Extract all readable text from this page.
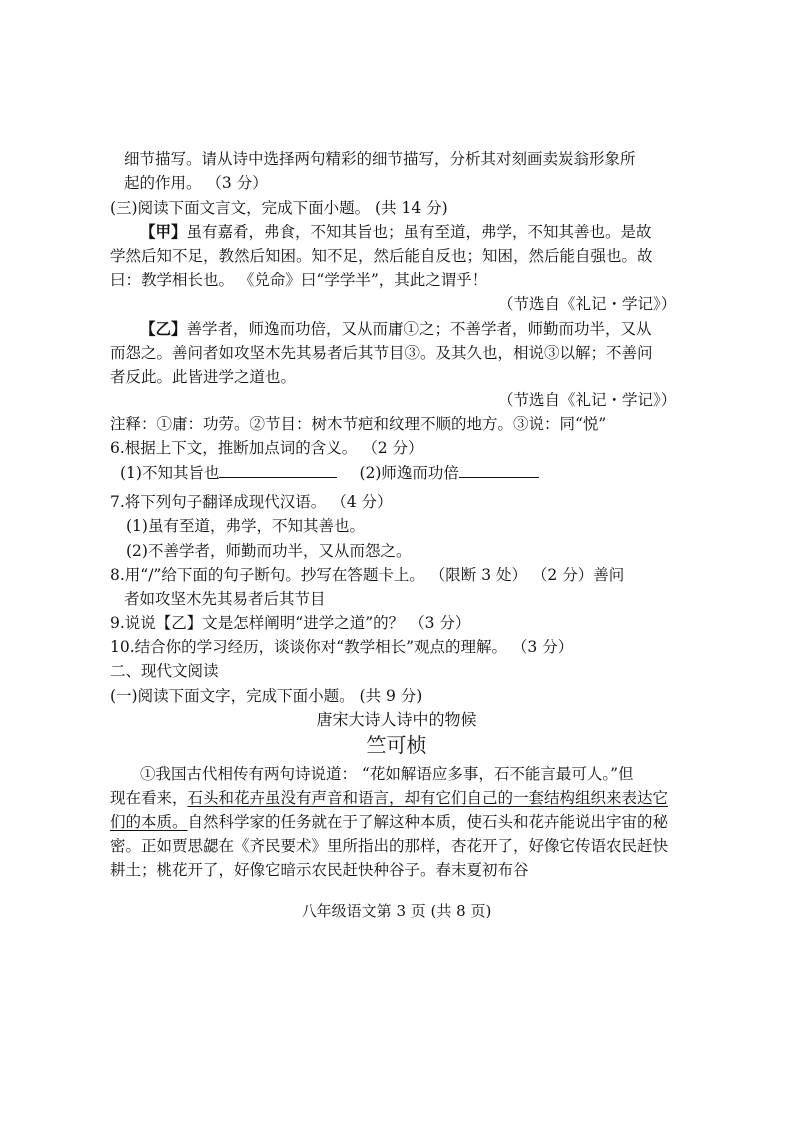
细节描写。请从诗中选择两句精彩的细节描写，分析其对刻画卖炭翁形象所
起的作用。 （3 分）
(三)阅读下面文言文，完成下面小题。 (共 14 分)
【甲】虽有嘉肴，弗食，不知其旨也；虽有至道，弗学，不知其善也。是故
学然后知不足，教然后知困。知不足，然后能自反也；知困，然后能自强也。故
曰：教学相长也。 《兑命》曰“学学半”，其此之谓乎！
（节选自《礼记・学记》）
【乙】善学者，师逸而功倍，又从而庸①之；不善学者，师勤而功半，又从
而怨之。善问者如攻坚木先其易者后其节目③。及其久也，相说③以解；不善问
者反此。此皆进学之道也。
（节选自《礼记・学记》）
注释：①庸：功劳。②节目：树木节疤和纹理不顺的地方。③说：同“悦”
6.根据上下文，推断加点词的含义。 （2 分）
(1)不知其旨也	(2)师逸而功倍
7.将下列句子翻译成现代汉语。 （4 分）
(1)虽有至道，弗学，不知其善也。
(2)不善学者，师勤而功半，又从而怨之。
8.用“/”给下面的句子断句。抄写在答题卡上。 （限断 3 处） （2 分）善问
者如攻坚木先其易者后其节目
9.说说【乙】文是怎样阐明“进学之道”的？ （3 分）
10.结合你的学习经历，谈谈你对“教学相长”观点的理解。 （3 分）
二、现代文阅读
(一)阅读下面文字，完成下面小题。 (共 9 分)
唐宋大诗人诗中的物候
竺可桢
①我国古代相传有两句诗说道： “花如解语应多事，石不能言最可人。”但
现在看来，石头和花卉虽没有声音和语言，却有它们自己的一套结构组织来表达它
们的本质。自然科学家的任务就在于了解这种本质，使石头和花卉能说出宇宙的秘
密。正如贾思勰在《齐民要术》里所指出的那样，杏花开了，好像它传语农民赶快
耕土；桃花开了，好像它暗示农民赶快种谷子。春末夏初布谷
八年级语文第 3 页 (共 8 页)
